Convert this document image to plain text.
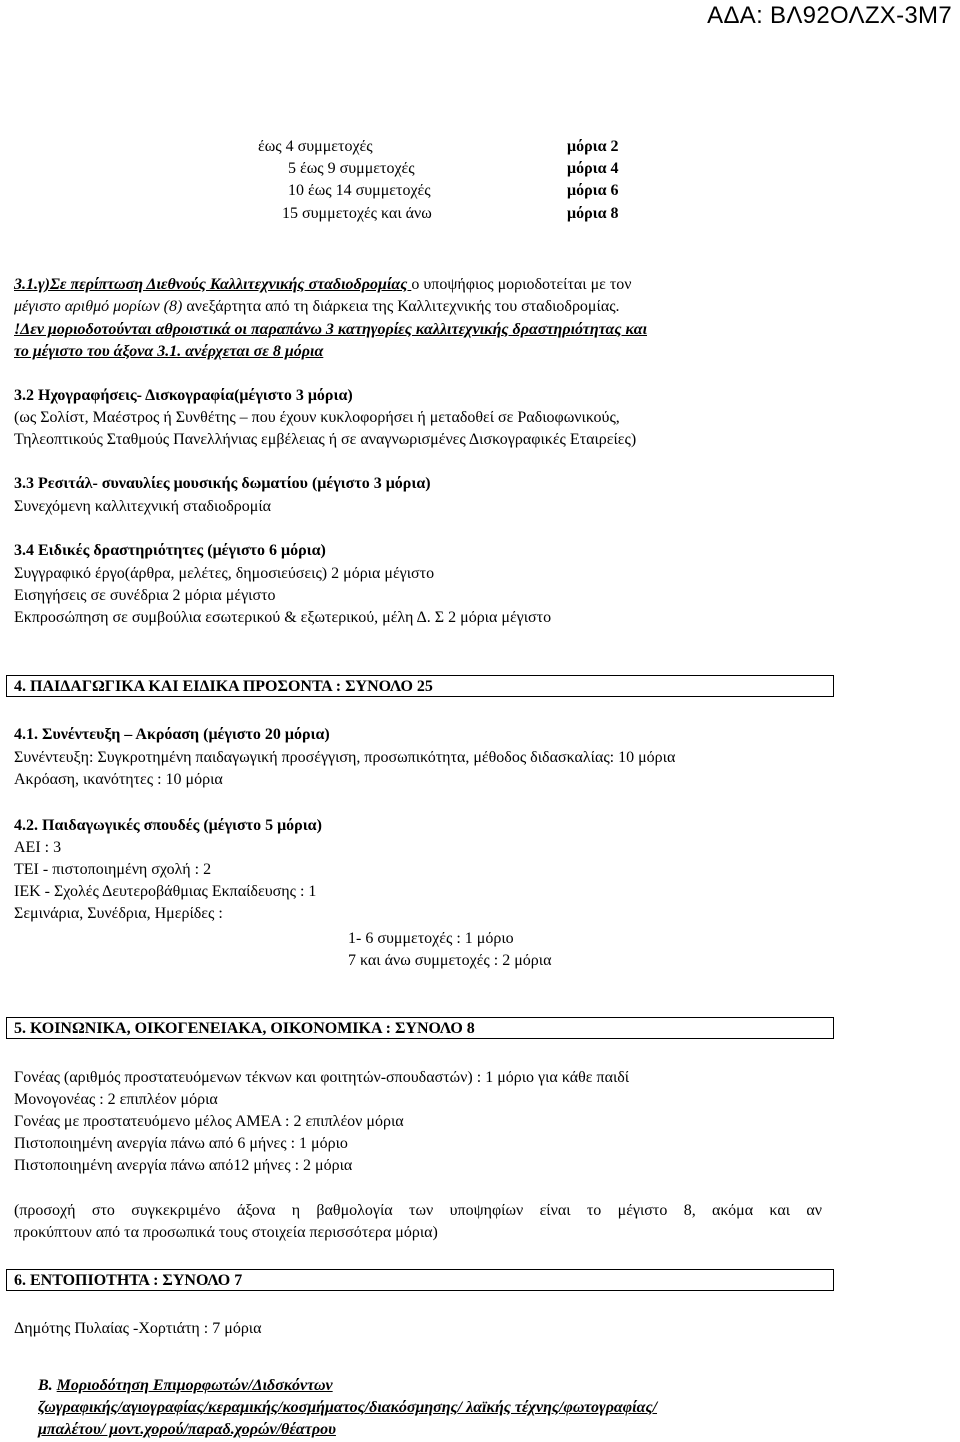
ΑΔΑ: ΒΛ92ΟΛΖΧ-3Μ7
έως 4 συμμετοχές	μόρια 2
5 έως 9 συμμετοχές	μόρια 4
10 έως 14 συμμετοχές	μόρια 6
15 συμμετοχές και άνω	μόρια 8
3.1.γ)Σε περίπτωση Διεθνούς Καλλιτεχνικής σταδιοδρομίας ο υποψήφιος μοριοδοτείται με τον
μέγιστο αριθμό μορίων (8) ανεξάρτητα από τη διάρκεια της Καλλιτεχνικής του σταδιοδρομίας.
!Δεν μοριοδοτούνται αθροιστικά οι παραπάνω 3 κατηγορίες καλλιτεχνικής δραστηριότητας και
το μέγιστο του άξονα 3.1. ανέρχεται σε 8 μόρια
3.2 Ηχογραφήσεις- Δισκογραφία(μέγιστο 3 μόρια)
(ως Σολίστ, Μαέστρος ή Συνθέτης – που έχουν κυκλοφορήσει ή μεταδοθεί σε Ραδιοφωνικούς,
Τηλεοπτικούς Σταθμούς Πανελλήνιας εμβέλειας ή σε αναγνωρισμένες Δισκογραφικές Εταιρείες)
3.3 Ρεσιτάλ- συναυλίες μουσικής δωματίου (μέγιστο 3 μόρια)
Συνεχόμενη καλλιτεχνική σταδιοδρομία
3.4 Ειδικές δραστηριότητες (μέγιστο 6 μόρια)
Συγγραφικό έργο(άρθρα, μελέτες, δημοσιεύσεις) 2 μόρια μέγιστο
Εισηγήσεις σε συνέδρια 2 μόρια μέγιστο
Εκπροσώπηση σε συμβούλια εσωτερικού & εξωτερικού, μέλη Δ. Σ 2 μόρια μέγιστο
4. ΠΑΙΔΑΓΩΓΙΚΑ ΚΑΙ ΕΙΔΙΚΑ ΠΡΟΣΟΝΤΑ : ΣΥΝΟΛΟ 25
4.1. Συνέντευξη – Ακρόαση (μέγιστο 20 μόρια)
Συνέντευξη: Συγκροτημένη παιδαγωγική προσέγγιση, προσωπικότητα, μέθοδος διδασκαλίας: 10 μόρια
Ακρόαση, ικανότητες : 10 μόρια
4.2. Παιδαγωγικές σπουδές (μέγιστο 5 μόρια)
ΑΕΙ : 3
ΤΕΙ - πιστοποιημένη σχολή : 2
ΙΕΚ - Σχολές Δευτεροβάθμιας Εκπαίδευσης : 1
Σεμινάρια, Συνέδρια, Ημερίδες :
1- 6 συμμετοχές : 1 μόριο
7 και άνω συμμετοχές : 2 μόρια
5. ΚΟΙΝΩΝΙΚΑ, ΟΙΚΟΓΕΝΕΙΑΚΑ, ΟΙΚΟΝΟΜΙΚΑ : ΣΥΝΟΛΟ 8
Γονέας (αριθμός προστατευόμενων τέκνων και φοιτητών-σπουδαστών) : 1 μόριο για κάθε παιδί
Μονογονέας : 2 επιπλέον μόρια
Γονέας με προστατευόμενο μέλος ΑΜΕΑ : 2 επιπλέον μόρια
Πιστοποιημένη ανεργία πάνω από 6 μήνες : 1 μόριο
Πιστοποιημένη ανεργία πάνω από12 μήνες : 2 μόρια
(προσοχή στο συγκεκριμένο άξονα η βαθμολογία των υποψηφίων είναι το μέγιστο 8, ακόμα και αν
προκύπτουν από τα προσωπικά τους στοιχεία περισσότερα μόρια)
6. ΕΝΤΟΠΙΟΤΗΤΑ : ΣΥΝΟΛΟ 7
Δημότης Πυλαίας -Χορτιάτη : 7 μόρια
Β. Μοριοδότηση Επιμορφωτών/Διδσκόντων
ζωγραφικής/αγιογραφίας/κεραμικής/κοσμήματος/διακόσμησης/ λαϊκής τέχνης/φωτογραφίας/
μπαλέτου/ μοντ.χορού/παραδ.χορών/θέατρου
